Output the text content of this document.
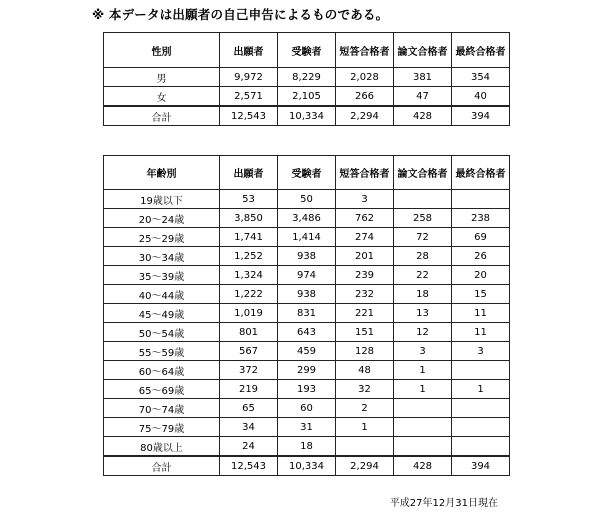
※ 本データは出願者の自己申告によるものである。
性別	出願者	受験者	短答合格者	論文合格者	最終合格者
男	9,972	8,229	2,028	381	354
女	2,571	2,105	266	47	40
合計	12,543	10,334	2,294	428	394
年齢別	出願者	受験者	短答合格者	論文合格者	最終合格者
19歳以下	53	50	3		
20～24歳	3,850	3,486	762	258	238
25～29歳	1,741	1,414	274	72	69
30～34歳	1,252	938	201	28	26
35～39歳	1,324	974	239	22	20
40～44歳	1,222	938	232	18	15
45～49歳	1,019	831	221	13	11
50～54歳	801	643	151	12	11
55～59歳	567	459	128	3	3
60～64歳	372	299	48	1	
65～69歳	219	193	32	1	1
70～74歳	65	60	2		
75～79歳	34	31	1		
80歳以上	24	18			
合計	12,543	10,334	2,294	428	394
平成27年12月31日現在
